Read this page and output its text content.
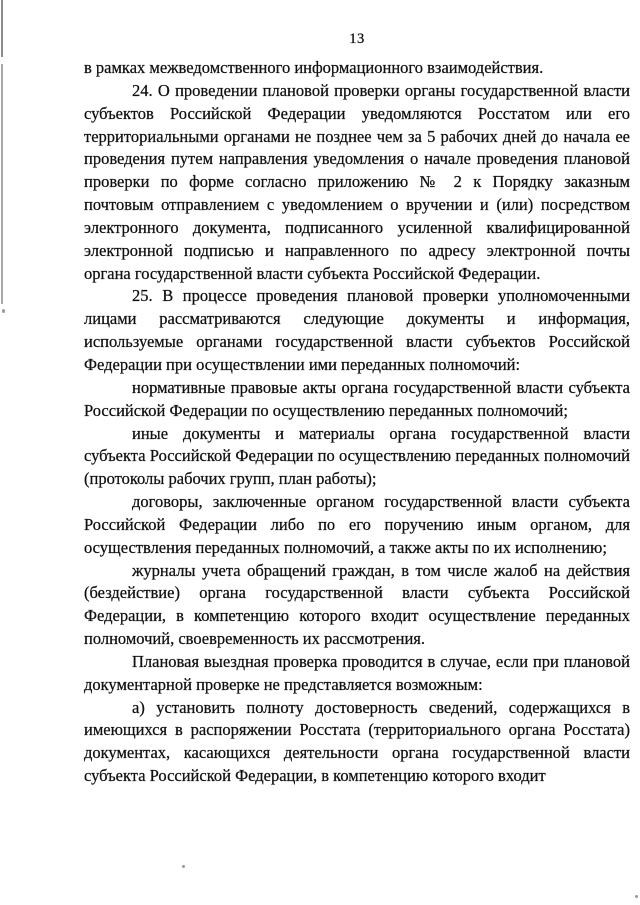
13

в рамках межведомственного информационного взаимодействия.

24. О проведении плановой проверки органы государственной власти субъектов Российской Федерации уведомляются Росстатом или его территориальными органами не позднее чем за 5 рабочих дней до начала ее проведения путем направления уведомления о начале проведения плановой проверки по форме согласно приложению № 2 к Порядку заказным почтовым отправлением с уведомлением о вручении и (или) посредством электронного документа, подписанного усиленной квалифицированной электронной подписью и направленного по адресу электронной почты органа государственной власти субъекта Российской Федерации.

25. В процессе проведения плановой проверки уполномоченными лицами рассматриваются следующие документы и информация, используемые органами государственной власти субъектов Российской Федерации при осуществлении ими переданных полномочий:

нормативные правовые акты органа государственной власти субъекта Российской Федерации по осуществлению переданных полномочий;

иные документы и материалы органа государственной власти субъекта Российской Федерации по осуществлению переданных полномочий (протоколы рабочих групп, план работы);

договоры, заключенные органом государственной власти субъекта Российской Федерации либо по его поручению иным органом, для осуществления переданных полномочий, а также акты по их исполнению;

журналы учета обращений граждан, в том числе жалоб на действия (бездействие) органа государственной власти субъекта Российской Федерации, в компетенцию которого входит осуществление переданных полномочий, своевременность их рассмотрения.

Плановая выездная проверка проводится в случае, если при плановой документарной проверке не представляется возможным:

а) установить полноту достоверность сведений, содержащихся в имеющихся в распоряжении Росстата (территориального органа Росстата) документах, касающихся деятельности органа государственной власти субъекта Российской Федерации, в компетенцию которого входит
